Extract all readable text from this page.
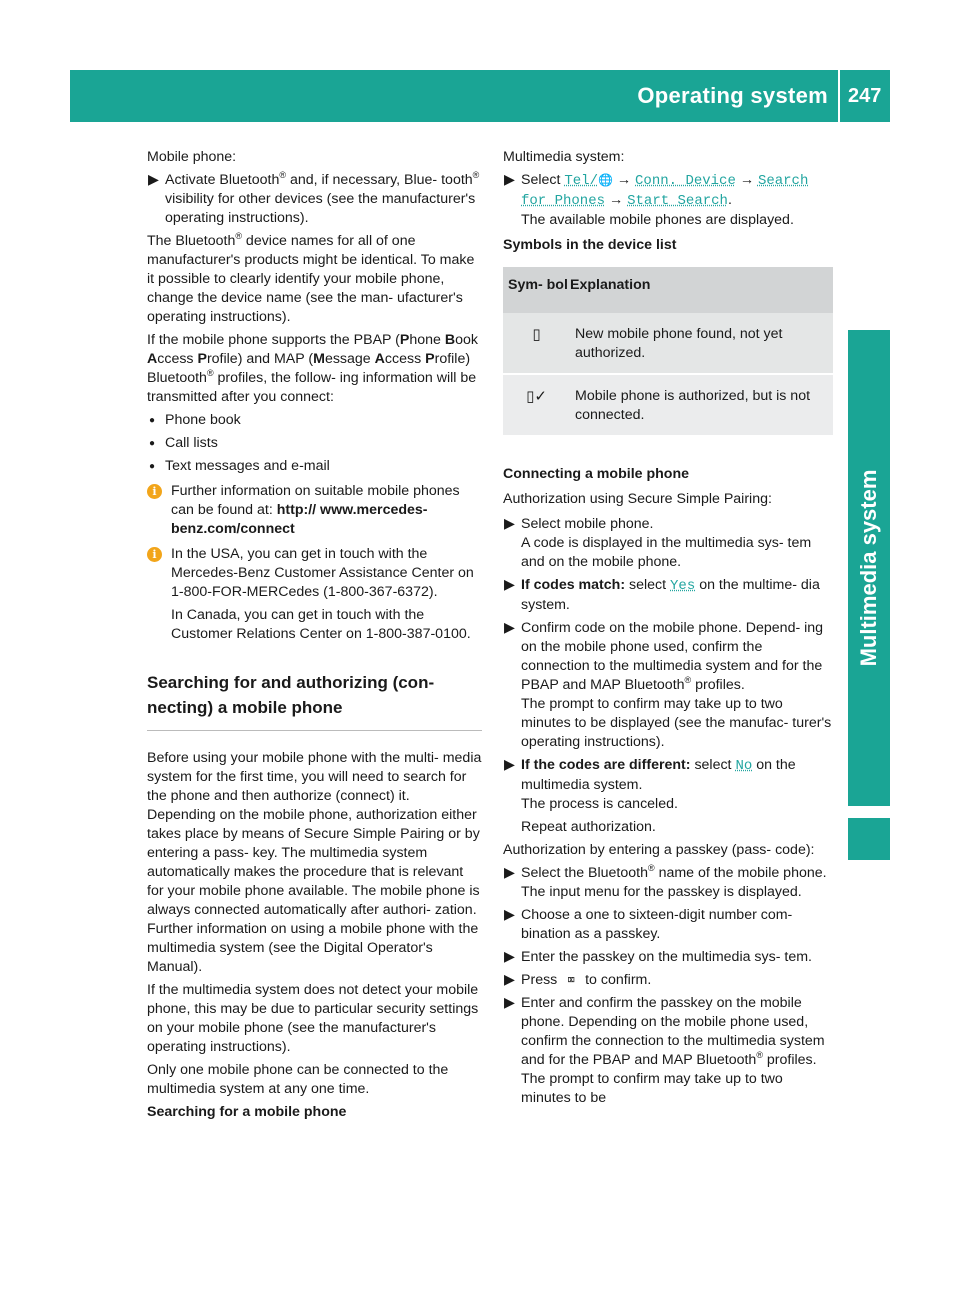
Operating system 247
Multimedia system

Mobile phone:

▶ Activate Bluetooth® and, if necessary, Blue- tooth® visibility for other devices (see the manufacturer's operating instructions).

The Bluetooth® device names for all of one manufacturer's products might be identical. To make it possible to clearly identify your mobile phone, change the device name (see the man- ufacturer's operating instructions).

If the mobile phone supports the PBAP (Phone Book Access Profile) and MAP (Message Access Profile) Bluetooth® profiles, the follow- ing information will be transmitted after you connect:

● Phone book
● Call lists
● Text messages and e-mail
i	Further information on suitable mobile phones can be found at: http:// www.mercedes-benz.com/connect
i	In the USA, you can get in touch with the Mercedes-Benz Customer Assistance Center on 1-800-FOR-MERCedes (1-800-367-6372).

In Canada, you can get in touch with the Customer Relations Center on 1-800-387-0100.

Searching for and authorizing (con- necting) a mobile phone

Before using your mobile phone with the multi- media system for the first time, you will need to search for the phone and then authorize (connect) it. Depending on the mobile phone, authorization either takes place by means of Secure Simple Pairing or by entering a pass- key. The multimedia system automatically makes the procedure that is relevant for your mobile phone available. The mobile phone is always connected automatically after authori- zation. Further information on using a mobile phone with the multimedia system (see the Digital Operator's Manual).

If the multimedia system does not detect your mobile phone, this may be due to particular security settings on your mobile phone (see the manufacturer's operating instructions).

Only one mobile phone can be connected to the multimedia system at any one time.

Searching for a mobile phone

Multimedia system:

▶ Select Tel/🌐 → Conn. Device → Search for Phones → Start Search.
The available mobile phones are displayed.

Symbols in the device list

Sym- bol	Explanation
▯	New mobile phone found, not yet authorized.
▯✓	Mobile phone is authorized, but is not connected.

Connecting a mobile phone

Authorization using Secure Simple Pairing:

▶ Select mobile phone.
A code is displayed in the multimedia sys- tem and on the mobile phone.
▶ If codes match: select Yes on the multime- dia system.
▶ Confirm code on the mobile phone. Depend- ing on the mobile phone used, confirm the connection to the multimedia system and for the PBAP and MAP Bluetooth® profiles.
The prompt to confirm may take up to two minutes to be displayed (see the manufac- turer's operating instructions).
▶ If the codes are different: select No on the multimedia system.
The process is canceled.
Repeat authorization.

Authorization by entering a passkey (pass- code):

▶ Select the Bluetooth® name of the mobile phone.
The input menu for the passkey is displayed.
▶ Choose a one to sixteen-digit number com- bination as a passkey.
▶ Enter the passkey on the multimedia sys- tem.
▶ Press ⌧ to confirm.
▶ Enter and confirm the passkey on the mobile phone. Depending on the mobile phone used, confirm the connection to the multimedia system and for the PBAP and MAP Bluetooth® profiles. The prompt to confirm may take up to two minutes to be
